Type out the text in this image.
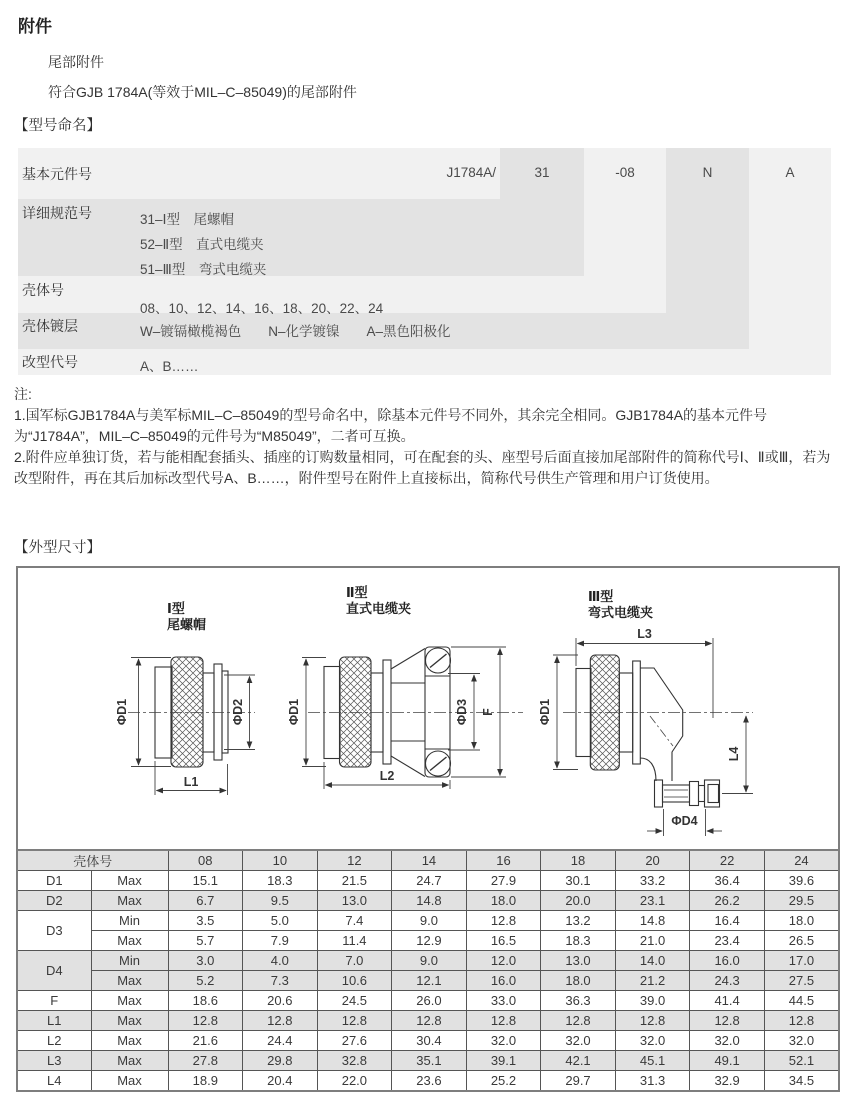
附件
尾部附件
符合GJB 1784A(等效于MIL–C–85049)的尾部附件
【型号命名】
基本元件号	J1784A/	31	-08	N	A
详细规范号	31–Ⅰ型　尾螺帽
52–Ⅱ型　直式电缆夹
51–Ⅲ型　弯式电缆夹
壳体号
08、10、12、14、16、18、20、22、24
壳体镀层	W–镀镉橄榄褐色　　N–化学镀镍　　A–黑色阳极化
改型代号	A、B……

注:

1.国军标GJB1784A与美军标MIL–C–85049的型号命名中，除基本元件号不同外，其余完全相同。GJB1784A的基本元件号为“J1784A”，MIL–C–85049的元件号为“M85049”，二者可互换。

2.附件应单独订货，若与能相配套插头、插座的订购数量相同，可在配套的头、座型号后面直接加尾部附件的简称代号Ⅰ、Ⅱ或Ⅲ，若为改型附件，再在其后加标改型代号A、B……，附件型号在附件上直接标出，简称代号供生产管理和用户订货使用。

【外型尺寸】
Ⅰ型
尾螺帽
ΦD1	ΦD2
L1
Ⅱ型
直式电缆夹
ΦD1	ΦD3 F
L2
Ⅲ型
弯式电缆夹
L3
ΦD1
L4
ΦD4
壳体号		08	10	12	14	16	18	20	22	24
D1	Max	15.1	18.3	21.5	24.7	27.9	30.1	33.2	36.4	39.6
D2	Max	6.7	9.5	13.0	14.8	18.0	20.0	23.1	26.2	29.5
D3	Min	3.5	5.0	7.4	9.0	12.8	13.2	14.8	16.4	18.0
	Max	5.7	7.9	11.4	12.9	16.5	18.3	21.0	23.4	26.5
D4	Min	3.0	4.0	7.0	9.0	12.0	13.0	14.0	16.0	17.0
	Max	5.2	7.3	10.6	12.1	16.0	18.0	21.2	24.3	27.5
F	Max	18.6	20.6	24.5	26.0	33.0	36.3	39.0	41.4	44.5
L1	Max	12.8	12.8	12.8	12.8	12.8	12.8	12.8	12.8	12.8
L2	Max	21.6	24.4	27.6	30.4	32.0	32.0	32.0	32.0	32.0
L3	Max	27.8	29.8	32.8	35.1	39.1	42.1	45.1	49.1	52.1
L4	Max	18.9	20.4	22.0	23.6	25.2	29.7	31.3	32.9	34.5
